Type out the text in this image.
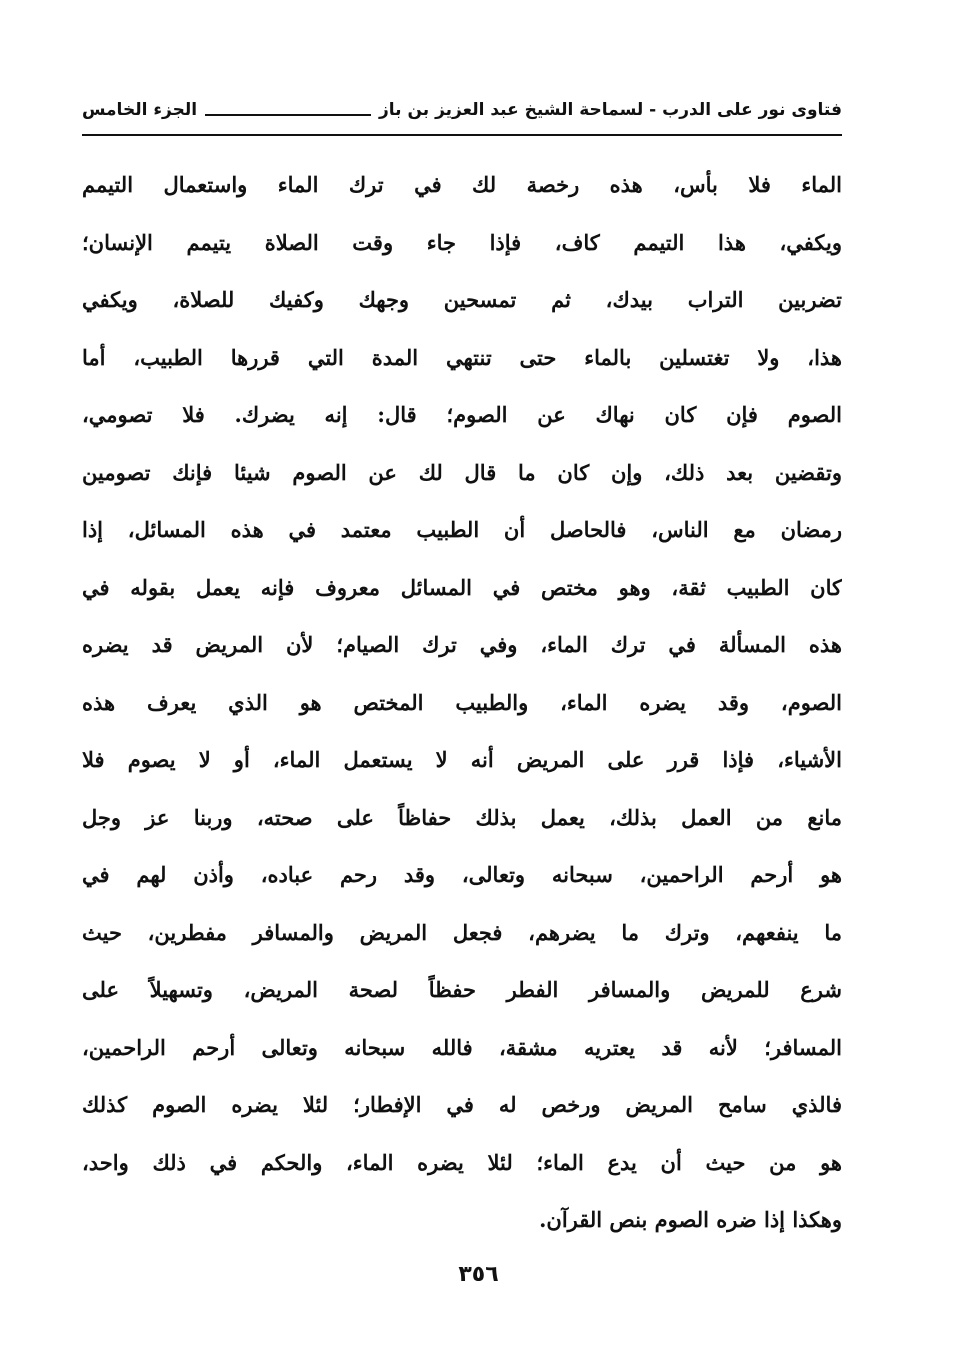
فتاوى نور على الدرب - لسماحة الشيخ عبد العزيز بن باز
الجزء الخامس
الماء فلا بأس، هذه رخصة لك في ترك الماء واستعمال التيمم
ويكفي، هذا التيمم كاف، فإذا جاء وقت الصلاة يتيمم الإنسان؛
تضربين التراب بيدك، ثم تمسحين وجهك وكفيك للصلاة، ويكفي
هذا، ولا تغتسلين بالماء حتى تنتهي المدة التي قررها الطبيب، أما
الصوم فإن كان نهاك عن الصوم؛ قال: إنه يضرك. فلا تصومي،
وتقضين بعد ذلك، وإن كان ما قال لك عن الصوم شيئا فإنك تصومين
رمضان مع الناس، فالحاصل أن الطبيب معتمد في هذه المسائل، إذا
كان الطبيب ثقة، وهو مختص في المسائل معروف فإنه يعمل بقوله في
هذه المسألة في ترك الماء، وفي ترك الصيام؛ لأن المريض قد يضره
الصوم، وقد يضره الماء، والطبيب المختص هو الذي يعرف هذه
الأشياء، فإذا قرر على المريض أنه لا يستعمل الماء، أو لا يصوم فلا
مانع من العمل بذلك، يعمل بذلك حفاظاً على صحته، وربنا عز وجل
هو أرحم الراحمين، سبحانه وتعالى، وقد رحم عباده، وأذن لهم في
ما ينفعهم، وترك ما يضرهم، فجعل المريض والمسافر مفطرين، حيث
شرع للمريض والمسافر الفطر حفظاً لصحة المريض، وتسهيلاً على
المسافر؛ لأنه قد يعتريه مشقة، فالله سبحانه وتعالى أرحم الراحمين،
فالذي سامح المريض ورخص له في الإفطار؛ لئلا يضره الصوم كذلك
هو من حيث أن يدع الماء؛ لئلا يضره الماء، والحكم في ذلك واحد،
وهكذا إذا ضره الصوم بنص القرآن.
٣٥٦
